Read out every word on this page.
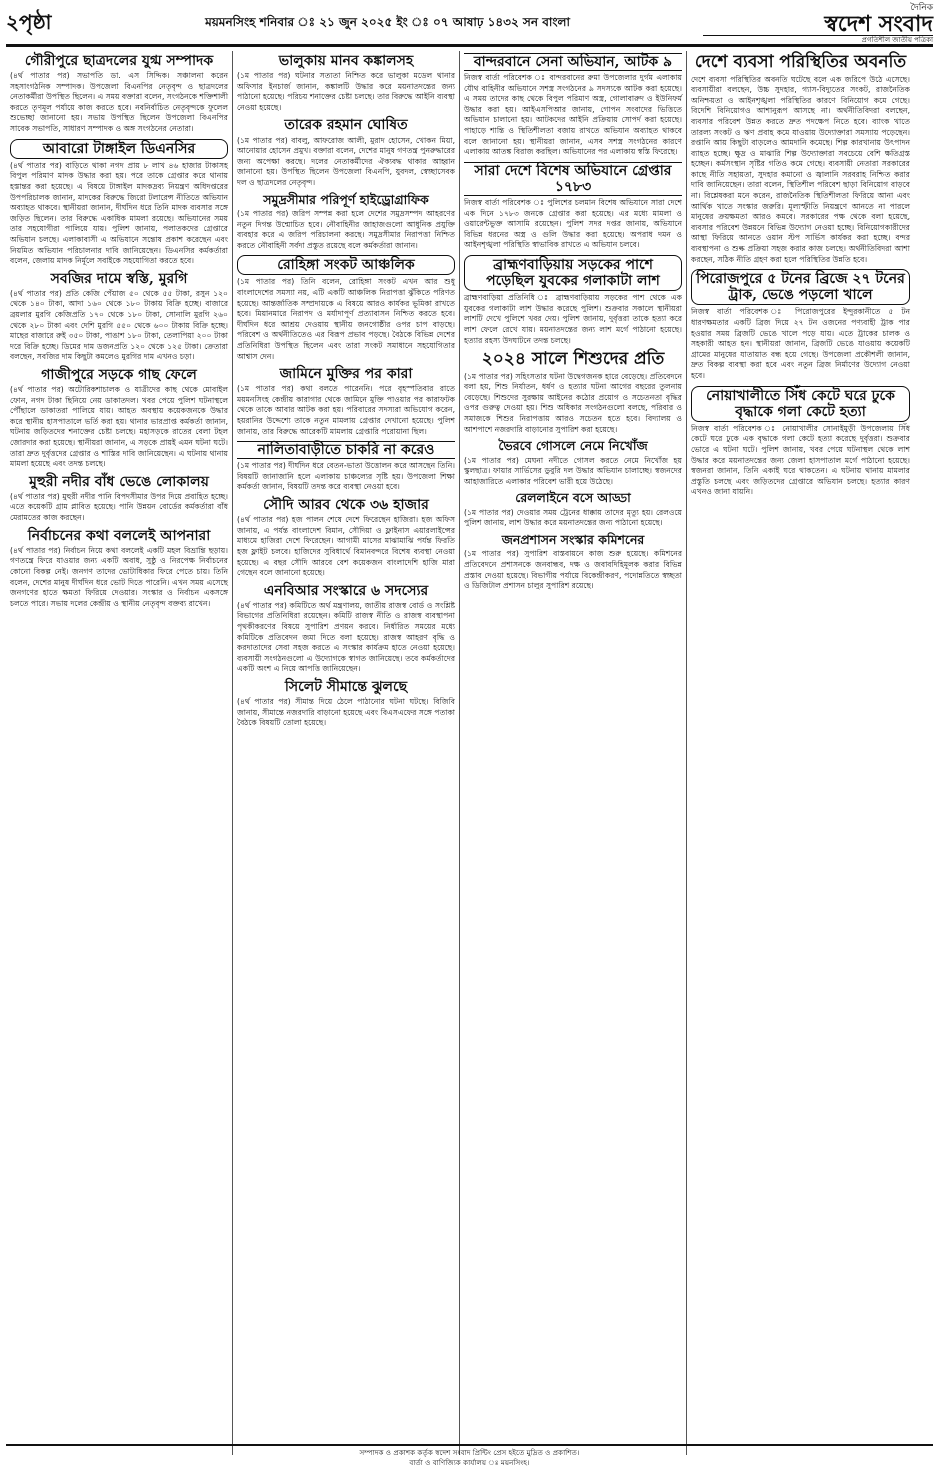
২পৃষ্ঠা	ময়মনসিংহ শনিবার ঃ ২১ জুন ২০২৫ ইং ঃ ০৭ আষাঢ় ১৪৩২ সন বাংলা
দৈনিক
স্বদেশ সংবাদ
প্রগতিশীল জাতীয় পত্রিকা
গৌরীপুরে ছাত্রদলের যুগ্ম সম্পাদক

(৪র্থ পাতার পর) সভাপতি ডা. এস সিদ্দিক। সঞ্চালনা করেন সহসাংগঠনিক সম্পাদক। উপজেলা বিএনপির নেতৃবৃন্দ ও ছাত্রদলের নেতাকর্মীরা উপস্থিত ছিলেন। এ সময় বক্তারা বলেন, সংগঠনকে শক্তিশালী করতে তৃণমূল পর্যায়ে কাজ করতে হবে। নবনির্বাচিত নেতৃবৃন্দকে ফুলেল শুভেচ্ছা জানানো হয়। সভায় উপস্থিত ছিলেন উপজেলা বিএনপির সাবেক সভাপতি, সাধারণ সম্পাদক ও অঙ্গ সংগঠনের নেতারা।

আবারো টাঙ্গাইল ডিএনসির

(৪র্থ পাতার পর) বাড়িতে থাকা নগদ প্রায় ৮ লাখ ৪৬ হাজার টাকাসহ বিপুল পরিমাণ মাদক উদ্ধার করা হয়। পরে তাকে গ্রেপ্তার করে থানায় হস্তান্তর করা হয়েছে। এ বিষয়ে টাঙ্গাইল মাদকদ্রব্য নিয়ন্ত্রণ অধিদপ্তরের উপপরিচালক জানান, মাদকের বিরুদ্ধে জিরো টলারেন্স নীতিতে অভিযান অব্যাহত থাকবে। স্থানীয়রা জানান, দীর্ঘদিন ধরে তিনি মাদক ব্যবসার সঙ্গে জড়িত ছিলেন। তার বিরুদ্ধে একাধিক মামলা রয়েছে। অভিযানের সময় তার সহযোগীরা পালিয়ে যায়। পুলিশ জানায়, পলাতকদের গ্রেপ্তারে অভিযান চলছে। এলাকাবাসী এ অভিযানে সন্তোষ প্রকাশ করেছেন এবং নিয়মিত অভিযান পরিচালনার দাবি জানিয়েছেন। ডিএনসির কর্মকর্তারা বলেন, জেলায় মাদক নির্মূলে সবাইকে সহযোগিতা করতে হবে।

সবজির দামে স্বস্তি, মুরগি

(৪র্থ পাতার পর) প্রতি কেজি পেঁয়াজ ৫০ থেকে ৫৫ টাকা, রসুন ১২০ থেকে ১৪০ টাকা, আদা ১৬০ থেকে ১৮০ টাকায় বিক্রি হচ্ছে। বাজারে ব্রয়লার মুরগি কেজিপ্রতি ১৭০ থেকে ১৮০ টাকা, সোনালি মুরগি ২৬০ থেকে ২৮০ টাকা এবং দেশি মুরগি ৫৫০ থেকে ৬০০ টাকায় বিক্রি হচ্ছে। মাছের বাজারে রুই ৩৫০ টাকা, পাঙাশ ১৮০ টাকা, তেলাপিয়া ২০০ টাকা দরে বিক্রি হচ্ছে। ডিমের দাম ডজনপ্রতি ১২০ থেকে ১২৫ টাকা। ক্রেতারা বলছেন, সবজির দাম কিছুটা কমলেও মুরগির দাম এখনও চড়া।

গাজীপুরে সড়কে গাছ ফেলে

(৪র্থ পাতার পর) অটোরিকশাচালক ও যাত্রীদের কাছ থেকে মোবাইল ফোন, নগদ টাকা ছিনিয়ে নেয় ডাকাতদল। খবর পেয়ে পুলিশ ঘটনাস্থলে পৌঁছালে ডাকাতরা পালিয়ে যায়। আহত অবস্থায় কয়েকজনকে উদ্ধার করে স্থানীয় হাসপাতালে ভর্তি করা হয়। থানার ভারপ্রাপ্ত কর্মকর্তা জানান, ঘটনায় জড়িতদের শনাক্তের চেষ্টা চলছে। মহাসড়কে রাতের বেলা টহল জোরদার করা হয়েছে। স্থানীয়রা জানান, এ সড়কে প্রায়ই এমন ঘটনা ঘটে। তারা দ্রুত দুর্বৃত্তদের গ্রেপ্তার ও শাস্তির দাবি জানিয়েছেন। এ ঘটনায় থানায় মামলা হয়েছে এবং তদন্ত চলছে।

মুহুরী নদীর বাঁধ ভেঙে লোকালয়

(৪র্থ পাতার পর) মুহুরী নদীর পানি বিপদসীমার উপর দিয়ে প্রবাহিত হচ্ছে। এতে কয়েকটি গ্রাম প্লাবিত হয়েছে। পানি উন্নয়ন বোর্ডের কর্মকর্তারা বাঁধ মেরামতের কাজ করছেন।

নির্বাচনের কথা বললেই আপনারা

(৪র্থ পাতার পর) নির্বাচন নিয়ে কথা বললেই একটি মহল বিভ্রান্তি ছড়ায়। গণতন্ত্রে ফিরে যাওয়ার জন্য একটি অবাধ, সুষ্ঠু ও নিরপেক্ষ নির্বাচনের কোনো বিকল্প নেই। জনগণ তাদের ভোটাধিকার ফিরে পেতে চায়। তিনি বলেন, দেশের মানুষ দীর্ঘদিন ধরে ভোট দিতে পারেনি। এখন সময় এসেছে জনগণের হাতে ক্ষমতা ফিরিয়ে দেওয়ার। সংস্কার ও নির্বাচন একসঙ্গে চলতে পারে। সভায় দলের কেন্দ্রীয় ও স্থানীয় নেতৃবৃন্দ বক্তব্য রাখেন।

ভালুকায় মানব কঙ্কালসহ

(১ম পাতার পর) ঘটনার সত্যতা নিশ্চিত করে ভালুকা মডেল থানার অফিসার ইনচার্জ জানান, কঙ্কালটি উদ্ধার করে ময়নাতদন্তের জন্য পাঠানো হয়েছে। পরিচয় শনাক্তের চেষ্টা চলছে। তার বিরুদ্ধে আইনি ব্যবস্থা নেওয়া হয়েছে।

তারেক রহমান ঘোষিত

(১ম পাতার পর) বাবলু, আফরোজ আলী, মুরাদ হোসেন, খোকন মিয়া, আনোয়ার হোসেন প্রমুখ। বক্তারা বলেন, দেশের মানুষ গণতন্ত্র পুনরুদ্ধারের জন্য অপেক্ষা করছে। দলের নেতাকর্মীদের ঐক্যবদ্ধ থাকার আহ্বান জানানো হয়। উপস্থিত ছিলেন উপজেলা বিএনপি, যুবদল, স্বেচ্ছাসেবক দল ও ছাত্রদলের নেতৃবৃন্দ।

সমুদ্রসীমার পরিপূর্ণ হাইড্রোগ্রাফিক

(১ম পাতার পর) জরিপ সম্পন্ন করা হলে দেশের সমুদ্রসম্পদ আহরণের নতুন দিগন্ত উন্মোচিত হবে। নৌবাহিনীর জাহাজগুলো আধুনিক প্রযুক্তি ব্যবহার করে এ জরিপ পরিচালনা করছে। সমুদ্রসীমার নিরাপত্তা নিশ্চিত করতে নৌবাহিনী সর্বদা প্রস্তুত রয়েছে বলে কর্মকর্তারা জানান।

রোহিঙ্গা সংকট আঞ্চলিক

(১ম পাতার পর) তিনি বলেন, রোহিঙ্গা সংকট এখন আর শুধু বাংলাদেশের সমস্যা নয়, এটি একটি আঞ্চলিক নিরাপত্তা ঝুঁকিতে পরিণত হয়েছে। আন্তর্জাতিক সম্প্রদায়কে এ বিষয়ে আরও কার্যকর ভূমিকা রাখতে হবে। মিয়ানমারে নিরাপদ ও মর্যাদাপূর্ণ প্রত্যাবাসন নিশ্চিত করতে হবে। দীর্ঘদিন ধরে আশ্রয় দেওয়ায় স্থানীয় জনগোষ্ঠীর ওপর চাপ বাড়ছে। পরিবেশ ও অর্থনীতিতেও এর বিরূপ প্রভাব পড়ছে। বৈঠকে বিভিন্ন দেশের প্রতিনিধিরা উপস্থিত ছিলেন এবং তারা সংকট সমাধানে সহযোগিতার আশ্বাস দেন।

জামিনে মুক্তির পর কারা

(১ম পাতার পর) কথা বলতে পারেননি। পরে বৃহস্পতিবার রাতে ময়মনসিংহ কেন্দ্রীয় কারাগার থেকে জামিনে মুক্তি পাওয়ার পর কারাফটক থেকে তাকে আবার আটক করা হয়। পরিবারের সদস্যরা অভিযোগ করেন, হয়রানির উদ্দেশ্যে তাকে নতুন মামলায় গ্রেপ্তার দেখানো হয়েছে। পুলিশ জানায়, তার বিরুদ্ধে আরেকটি মামলায় গ্রেপ্তারি পরোয়ানা ছিল।

নালিতাবাড়ীতে চাকরি না করেও

(১ম পাতার পর) দীর্ঘদিন ধরে বেতন-ভাতা উত্তোলন করে আসছেন তিনি। বিষয়টি জানাজানি হলে এলাকায় চাঞ্চল্যের সৃষ্টি হয়। উপজেলা শিক্ষা কর্মকর্তা জানান, বিষয়টি তদন্ত করে ব্যবস্থা নেওয়া হবে।

সৌদি আরব থেকে ৩৬ হাজার

(৪র্থ পাতার পর) হজ পালন শেষে দেশে ফিরেছেন হাজিরা। হজ অফিস জানায়, এ পর্যন্ত বাংলাদেশ বিমান, সৌদিয়া ও ফ্লাইনাস এয়ারলাইন্সের মাধ্যমে হাজিরা দেশে ফিরেছেন। আগামী মাসের মাঝামাঝি পর্যন্ত ফিরতি হজ ফ্লাইট চলবে। হাজিদের সুবিধার্থে বিমানবন্দরে বিশেষ ব্যবস্থা নেওয়া হয়েছে। এ বছর সৌদি আরবে বেশ কয়েকজন বাংলাদেশি হাজি মারা গেছেন বলে জানানো হয়েছে।

এনবিআর সংস্কারে ৬ সদস্যের

(৪র্থ পাতার পর) কমিটিতে অর্থ মন্ত্রণালয়, জাতীয় রাজস্ব বোর্ড ও সংশ্লিষ্ট বিভাগের প্রতিনিধিরা রয়েছেন। কমিটি রাজস্ব নীতি ও রাজস্ব ব্যবস্থাপনা পৃথকীকরণের বিষয়ে সুপারিশ প্রণয়ন করবে। নির্ধারিত সময়ের মধ্যে কমিটিকে প্রতিবেদন জমা দিতে বলা হয়েছে। রাজস্ব আহরণ বৃদ্ধি ও করদাতাদের সেবা সহজ করতে এ সংস্কার কার্যক্রম হাতে নেওয়া হয়েছে। ব্যবসায়ী সংগঠনগুলো এ উদ্যোগকে স্বাগত জানিয়েছে। তবে কর্মকর্তাদের একটি অংশ এ নিয়ে আপত্তি জানিয়েছেন।

সিলেট সীমান্তে ঝুলছে

(৪র্থ পাতার পর) সীমান্ত দিয়ে ঠেলে পাঠানোর ঘটনা ঘটছে। বিজিবি জানায়, সীমান্তে নজরদারি বাড়ানো হয়েছে এবং বিএসএফের সঙ্গে পতাকা বৈঠকে বিষয়টি তোলা হয়েছে।

বান্দরবানে সেনা অভিযান, আটক ৯

নিজস্ব বার্তা পরিবেশক ঃ বান্দরবানের রুমা উপজেলার দুর্গম এলাকায় যৌথ বাহিনীর অভিযানে সশস্ত্র সংগঠনের ৯ সদস্যকে আটক করা হয়েছে। এ সময় তাদের কাছ থেকে বিপুল পরিমাণ অস্ত্র, গোলাবারুদ ও ইউনিফর্ম উদ্ধার করা হয়। আইএসপিআর জানায়, গোপন সংবাদের ভিত্তিতে অভিযান চালানো হয়। আটকদের আইনি প্রক্রিয়ায় সোপর্দ করা হয়েছে। পাহাড়ে শান্তি ও স্থিতিশীলতা বজায় রাখতে অভিযান অব্যাহত থাকবে বলে জানানো হয়। স্থানীয়রা জানান, এসব সশস্ত্র সংগঠনের কারণে এলাকায় আতঙ্ক বিরাজ করছিল। অভিযানের পর এলাকায় স্বস্তি ফিরেছে।

সারা দেশে বিশেষ অভিযানে গ্রেপ্তার ১৭৮৩

নিজস্ব বার্তা পরিবেশক ঃ পুলিশের চলমান বিশেষ অভিযানে সারা দেশে এক দিনে ১৭৮৩ জনকে গ্রেপ্তার করা হয়েছে। এর মধ্যে মামলা ও ওয়ারেন্টভুক্ত আসামি রয়েছেন। পুলিশ সদর দপ্তর জানায়, অভিযানে বিভিন্ন ধরনের অস্ত্র ও গুলি উদ্ধার করা হয়েছে। অপরাধ দমন ও আইনশৃঙ্খলা পরিস্থিতি স্বাভাবিক রাখতে এ অভিযান চলবে।

ব্রাহ্মণবাড়িয়ায় সড়কের পাশে পড়েছিল যুবকের গলাকাটা লাশ

ব্রাহ্মণবাড়িয়া প্রতিনিধি ঃ ব্রাহ্মণবাড়িয়ায় সড়কের পাশ থেকে এক যুবকের গলাকাটা লাশ উদ্ধার করেছে পুলিশ। শুক্রবার সকালে স্থানীয়রা লাশটি দেখে পুলিশে খবর দেয়। পুলিশ জানায়, দুর্বৃত্তরা তাকে হত্যা করে লাশ ফেলে রেখে যায়। ময়নাতদন্তের জন্য লাশ মর্গে পাঠানো হয়েছে। হত্যার রহস্য উদঘাটনে তদন্ত চলছে।

২০২৪ সালে শিশুদের প্রতি

(১ম পাতার পর) সহিংসতার ঘটনা উদ্বেগজনক হারে বেড়েছে। প্রতিবেদনে বলা হয়, শিশু নির্যাতন, ধর্ষণ ও হত্যার ঘটনা আগের বছরের তুলনায় বেড়েছে। শিশুদের সুরক্ষায় আইনের কঠোর প্রয়োগ ও সচেতনতা বৃদ্ধির ওপর গুরুত্ব দেওয়া হয়। শিশু অধিকার সংগঠনগুলো বলছে, পরিবার ও সমাজকে শিশুর নিরাপত্তায় আরও সচেতন হতে হবে। বিদ্যালয় ও আশপাশে নজরদারি বাড়ানোর সুপারিশ করা হয়েছে।

ভৈরবে গোসলে নেমে নিখোঁজ

(১ম পাতার পর) মেঘনা নদীতে গোসল করতে নেমে নিখোঁজ হয় স্কুলছাত্র। ফায়ার সার্ভিসের ডুবুরি দল উদ্ধার অভিযান চালাচ্ছে। স্বজনদের আহাজারিতে এলাকার পরিবেশ ভারী হয়ে উঠেছে।

রেললাইনে বসে আড্ডা

(১ম পাতার পর) দেওয়ার সময় ট্রেনের ধাক্কায় তাদের মৃত্যু হয়। রেলওয়ে পুলিশ জানায়, লাশ উদ্ধার করে ময়নাতদন্তের জন্য পাঠানো হয়েছে।

জনপ্রশাসন সংস্কার কমিশনের

(১ম পাতার পর) সুপারিশ বাস্তবায়নে কাজ শুরু হয়েছে। কমিশনের প্রতিবেদনে প্রশাসনকে জনবান্ধব, দক্ষ ও জবাবদিহিমূলক করার বিভিন্ন প্রস্তাব দেওয়া হয়েছে। বিভাগীয় পর্যায়ে বিকেন্দ্রীকরণ, পদোন্নতিতে স্বচ্ছতা ও ডিজিটাল প্রশাসন চালুর সুপারিশ রয়েছে।

দেশে ব্যবসা পরিস্থিতির অবনতি

দেশে ব্যবসা পরিস্থিতির অবনতি ঘটেছে বলে এক জরিপে উঠে এসেছে। ব্যবসায়ীরা বলছেন, উচ্চ সুদহার, গ্যাস-বিদ্যুতের সংকট, রাজনৈতিক অনিশ্চয়তা ও আইনশৃঙ্খলা পরিস্থিতির কারণে বিনিয়োগ কমে গেছে। বিদেশি বিনিয়োগও আশানুরূপ আসছে না। অর্থনীতিবিদরা বলছেন, ব্যবসার পরিবেশ উন্নত করতে দ্রুত পদক্ষেপ নিতে হবে। ব্যাংক খাতে তারল্য সংকট ও ঋণ প্রবাহ কমে যাওয়ায় উদ্যোক্তারা সমস্যায় পড়েছেন। রপ্তানি আয় কিছুটা বাড়লেও আমদানি কমেছে। শিল্প কারখানায় উৎপাদন ব্যাহত হচ্ছে। ক্ষুদ্র ও মাঝারি শিল্প উদ্যোক্তারা সবচেয়ে বেশি ক্ষতিগ্রস্ত হচ্ছেন। কর্মসংস্থান সৃষ্টির গতিও কমে গেছে। ব্যবসায়ী নেতারা সরকারের কাছে নীতি সহায়তা, সুদহার কমানো ও জ্বালানি সরবরাহ নিশ্চিত করার দাবি জানিয়েছেন। তারা বলেন, স্থিতিশীল পরিবেশ ছাড়া বিনিয়োগ বাড়বে না। বিশ্লেষকরা মনে করেন, রাজনৈতিক স্থিতিশীলতা ফিরিয়ে আনা এবং আর্থিক খাতে সংস্কার জরুরি। মূল্যস্ফীতি নিয়ন্ত্রণে আনতে না পারলে মানুষের ক্রয়ক্ষমতা আরও কমবে। সরকারের পক্ষ থেকে বলা হয়েছে, ব্যবসার পরিবেশ উন্নয়নে বিভিন্ন উদ্যোগ নেওয়া হচ্ছে। বিনিয়োগকারীদের আস্থা ফিরিয়ে আনতে ওয়ান স্টপ সার্ভিস কার্যকর করা হচ্ছে। বন্দর ব্যবস্থাপনা ও শুল্ক প্রক্রিয়া সহজ করার কাজ চলছে। অর্থনীতিবিদরা আশা করছেন, সঠিক নীতি গ্রহণ করা হলে পরিস্থিতির উন্নতি হবে।

পিরোজপুরে ৫ টনের ব্রিজে ২৭ টনের ট্রাক, ভেঙে পড়লো খালে

নিজস্ব বার্তা পরিবেশক ঃ পিরোজপুরের ইন্দুরকানীতে ৫ টন ধারণক্ষমতার একটি ব্রিজ দিয়ে ২৭ টন ওজনের পণ্যবাহী ট্রাক পার হওয়ার সময় ব্রিজটি ভেঙে খালে পড়ে যায়। এতে ট্রাকের চালক ও সহকারী আহত হন। স্থানীয়রা জানান, ব্রিজটি ভেঙে যাওয়ায় কয়েকটি গ্রামের মানুষের যাতায়াত বন্ধ হয়ে গেছে। উপজেলা প্রকৌশলী জানান, দ্রুত বিকল্প ব্যবস্থা করা হবে এবং নতুন ব্রিজ নির্মাণের উদ্যোগ নেওয়া হবে।

নোয়াখালীতে সিঁধ কেটে ঘরে ঢুকে বৃদ্ধাকে গলা কেটে হত্যা

নিজস্ব বার্তা পরিবেশক ঃ নোয়াখালীর সোনাইমুড়ী উপজেলায় সিঁধ কেটে ঘরে ঢুকে এক বৃদ্ধাকে গলা কেটে হত্যা করেছে দুর্বৃত্তরা। শুক্রবার ভোরে এ ঘটনা ঘটে। পুলিশ জানায়, খবর পেয়ে ঘটনাস্থল থেকে লাশ উদ্ধার করে ময়নাতদন্তের জন্য জেলা হাসপাতাল মর্গে পাঠানো হয়েছে। স্বজনরা জানান, তিনি একাই ঘরে থাকতেন। এ ঘটনায় থানায় মামলার প্রস্তুতি চলছে এবং জড়িতদের গ্রেপ্তারে অভিযান চলছে। হত্যার কারণ এখনও জানা যায়নি।

সম্পাদক ও প্রকাশক কর্তৃক স্বদেশ সংবাদ প্রিন্টিং প্রেস হইতে মুদ্রিত ও প্রকাশিত।
বার্তা ও বাণিজ্যিক কার্যালয় ঃ ময়নসিংহ।
